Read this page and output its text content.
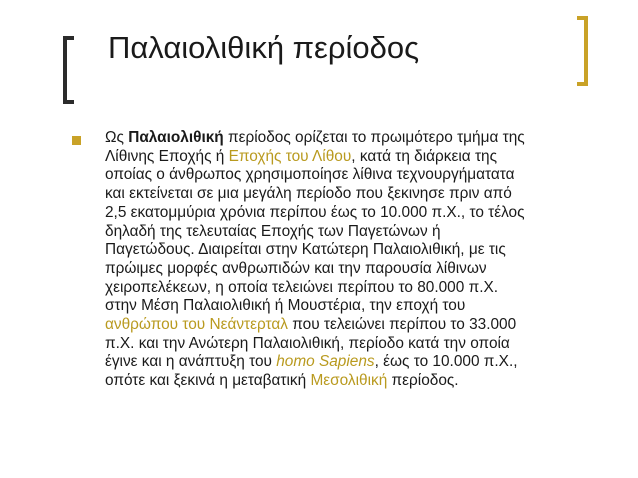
Παλαιολιθική περίοδος

Ως Παλαιολιθική περίοδος ορίζεται το πρωιμότερο τμήμα της
Λίθινης Εποχής ή Εποχής του Λίθου, κατά τη διάρκεια της
οποίας ο άνθρωπος χρησιμοποίησε λίθινα τεχνουργήματατα
και εκτείνεται σε μια μεγάλη περίοδο που ξεκινησε πριν από
2,5 εκατομμύρια χρόνια περίπου έως το 10.000 π.Χ., το τέλος
δηλαδή της τελευταίας Εποχής των Παγετώνων ή
Παγετώδους. Διαιρείται στην Κατώτερη Παλαιολιθική, με τις
πρώιμες μορφές ανθρωπιδών και την παρουσία λίθινων
χειροπελέκεων, η οποία τελειώνει περίπου το 80.000 π.Χ.
στην Μέση Παλαιολιθική ή Μουστέρια, την εποχή του
ανθρώπου του Νεάντερταλ που τελειώνει περίπου το 33.000
π.Χ. και την Ανώτερη Παλαιολιθική, περίοδο κατά την οποία
έγινε και η ανάπτυξη του homo Sapiens, έως το 10.000 π.Χ.,
οπότε και ξεκινά η μεταβατική Μεσολιθική περίοδος.
